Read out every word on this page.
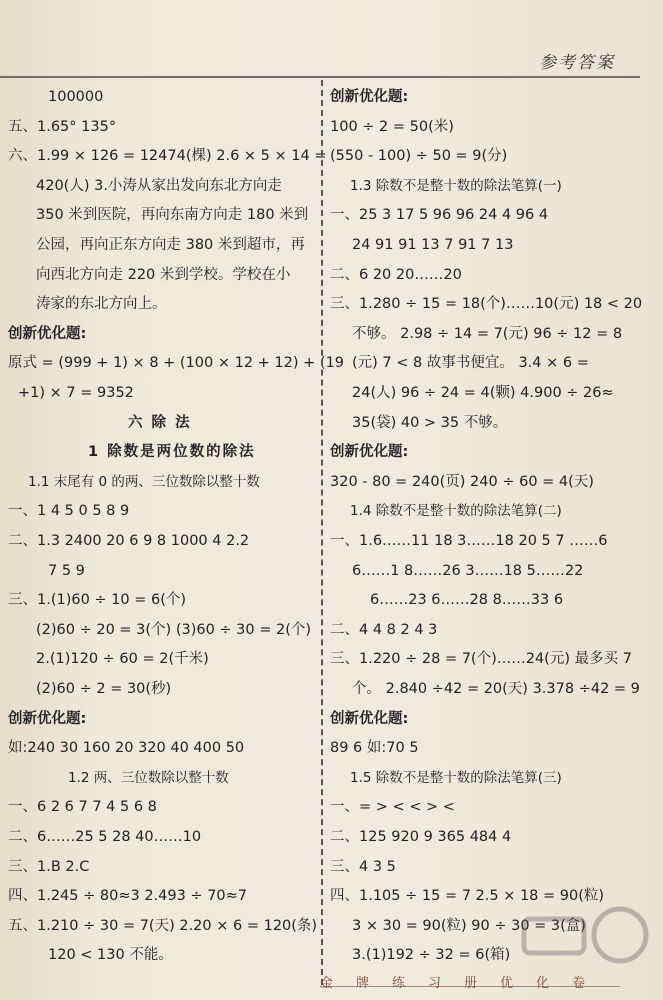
参考答案
100000
五、1.65° 135°
六、1.99 × 126 = 12474(棵) 2.6 × 5 × 14 =
420(人) 3.小涛从家出发向东北方向走
350 米到医院，再向东南方向走 180 米到
公园，再向正东方向走 380 米到超市，再
向西北方向走 220 米到学校。学校在小
涛家的东北方向上。
创新优化题:
原式 = (999 + 1) × 8 + (100 × 12 + 12) + (19
+1) × 7 = 9352
六 除 法
1 除数是两位数的除法
1.1 末尾有 0 的两、三位数除以整十数
一、1 4 5 0 5 8 9
二、1.3 2400 20 6 9 8 1000 4 2.2
7 5 9
三、1.(1)60 ÷ 10 = 6(个)
(2)60 ÷ 20 = 3(个) (3)60 ÷ 30 = 2(个)
2.(1)120 ÷ 60 = 2(千米)
(2)60 ÷ 2 = 30(秒)
创新优化题:
如:240 30 160 20 320 40 400 50
1.2 两、三位数除以整十数
一、6 2 6 7 7 4 5 6 8
二、6……25 5 28 40……10
三、1.B 2.C
四、1.245 ÷ 80≈3 2.493 ÷ 70≈7
五、1.210 ÷ 30 = 7(天) 2.20 × 6 = 120(条)
120 < 130 不能。
创新优化题:
100 ÷ 2 = 50(米)
(550 - 100) ÷ 50 = 9(分)
1.3 除数不是整十数的除法笔算(一)
一、25 3 17 5 96 96 24 4 96 4
24 91 91 13 7 91 7 13
二、6 20 20……20
三、1.280 ÷ 15 = 18(个)……10(元) 18 < 20
不够。 2.98 ÷ 14 = 7(元) 96 ÷ 12 = 8
(元) 7 < 8 故事书便宜。 3.4 × 6 =
24(人) 96 ÷ 24 = 4(颗) 4.900 ÷ 26≈
35(袋) 40 > 35 不够。
创新优化题:
320 - 80 = 240(页) 240 ÷ 60 = 4(天)
1.4 除数不是整十数的除法笔算(二)
一、1.6……11 18 3……18 20 5 7 ……6
6……1 8……26 3……18 5……22
6……23 6……28 8……33 6
二、4 4 8 2 4 3
三、1.220 ÷ 28 = 7(个)……24(元) 最多买 7
个。 2.840 ÷42 = 20(天) 3.378 ÷42 = 9
创新优化题:
89 6 如:70 5
1.5 除数不是整十数的除法笔算(三)
一、= > < < > <
二、125 920 9 365 484 4
三、4 3 5
四、1.105 ÷ 15 = 7 2.5 × 18 = 90(粒)
3 × 30 = 90(粒) 90 ÷ 30 = 3(盒)
3.(1)192 ÷ 32 = 6(箱)
金 牌 练 习 册 优 化 卷
